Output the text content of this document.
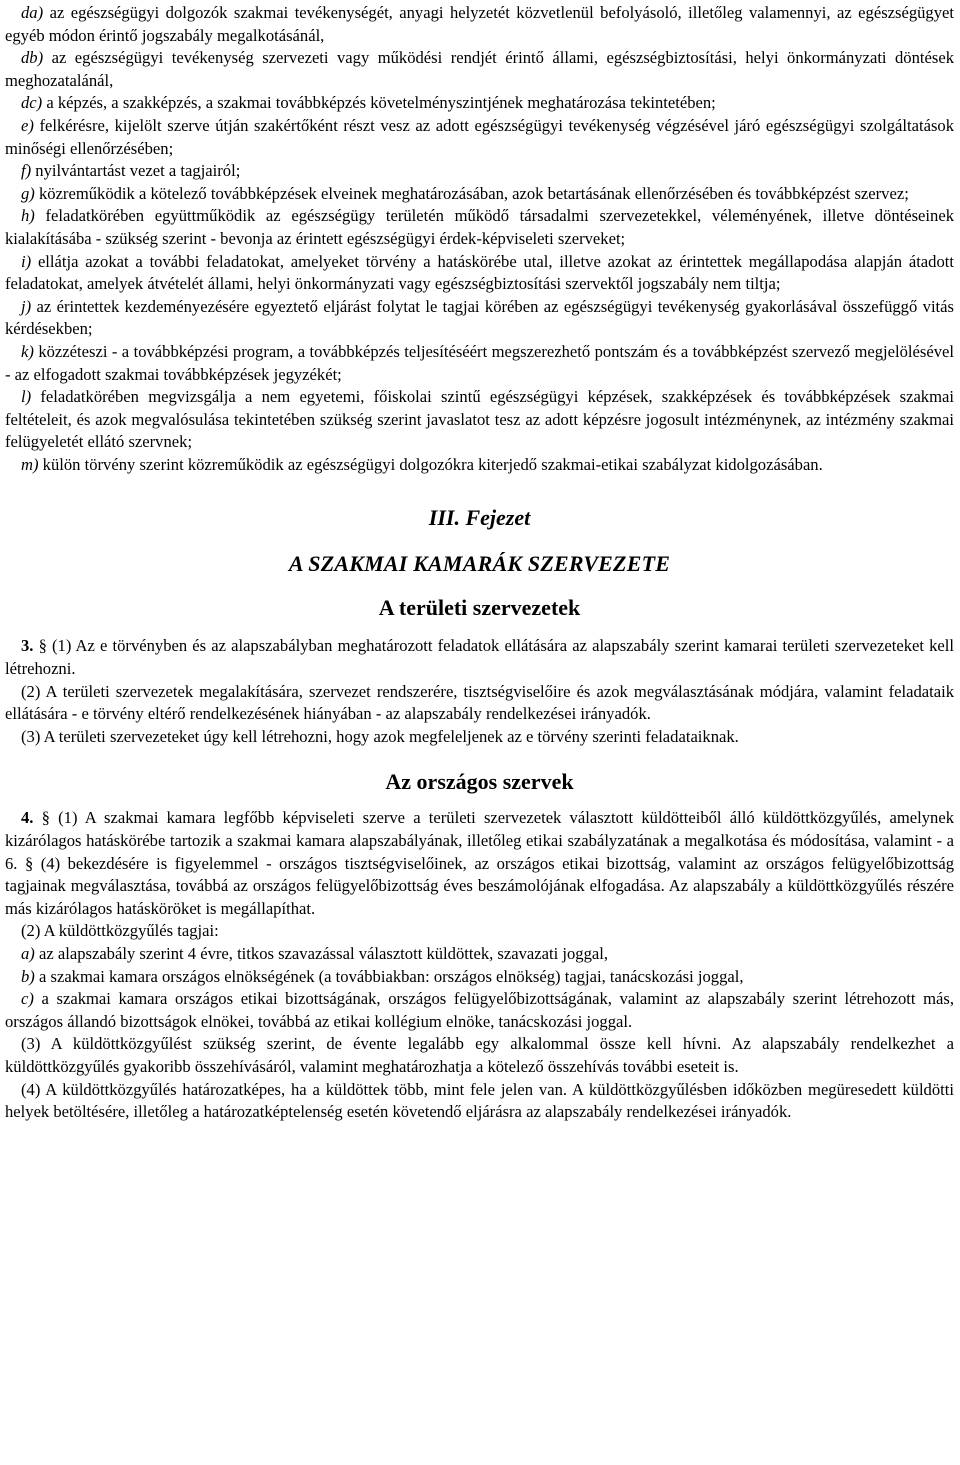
da) az egészségügyi dolgozók szakmai tevékenységét, anyagi helyzetét közvetlenül befolyásoló, illetőleg valamennyi, az egészségügyet egyéb módon érintő jogszabály megalkotásánál,

db) az egészségügyi tevékenység szervezeti vagy működési rendjét érintő állami, egészségbiztosítási, helyi önkormányzati döntések meghozatalánál,

dc) a képzés, a szakképzés, a szakmai továbbképzés követelményszintjének meghatározása tekintetében;

e) felkérésre, kijelölt szerve útján szakértőként részt vesz az adott egészségügyi tevékenység végzésével járó egészségügyi szolgáltatások minőségi ellenőrzésében;

f) nyilvántartást vezet a tagjairól;

g) közreműködik a kötelező továbbképzések elveinek meghatározásában, azok betartásának ellenőrzésében és továbbképzést szervez;

h) feladatkörében együttműködik az egészségügy területén működő társadalmi szervezetekkel, véleményének, illetve döntéseinek kialakításába - szükség szerint - bevonja az érintett egészségügyi érdek-képviseleti szerveket;

i) ellátja azokat a további feladatokat, amelyeket törvény a hatáskörébe utal, illetve azokat az érintettek megállapodása alapján átadott feladatokat, amelyek átvételét állami, helyi önkormányzati vagy egészségbiztosítási szervektől jogszabály nem tiltja;

j) az érintettek kezdeményezésére egyeztető eljárást folytat le tagjai körében az egészségügyi tevékenység gyakorlásával összefüggő vitás kérdésekben;

k) közzéteszi - a továbbképzési program, a továbbképzés teljesítéséért megszerezhető pontszám és a továbbképzést szervező megjelölésével - az elfogadott szakmai továbbképzések jegyzékét;

l) feladatkörében megvizsgálja a nem egyetemi, főiskolai szintű egészségügyi képzések, szakképzések és továbbképzések szakmai feltételeit, és azok megvalósulása tekintetében szükség szerint javaslatot tesz az adott képzésre jogosult intézménynek, az intézmény szakmai felügyeletét ellátó szervnek;

m) külön törvény szerint közreműködik az egészségügyi dolgozókra kiterjedő szakmai-etikai szabályzat kidolgozásában.

III. Fejezet
A SZAKMAI KAMARÁK SZERVEZETE
A területi szervezetek

3. § (1) Az e törvényben és az alapszabályban meghatározott feladatok ellátására az alapszabály szerint kamarai területi szervezeteket kell létrehozni.

(2) A területi szervezetek megalakítására, szervezet rendszerére, tisztségviselőire és azok megválasztásának módjára, valamint feladataik ellátására - e törvény eltérő rendelkezésének hiányában - az alapszabály rendelkezései irányadók.

(3) A területi szervezeteket úgy kell létrehozni, hogy azok megfeleljenek az e törvény szerinti feladataiknak.

Az országos szervek

4. § (1) A szakmai kamara legfőbb képviseleti szerve a területi szervezetek választott küldötteiből álló küldöttközgyűlés, amelynek kizárólagos hatáskörébe tartozik a szakmai kamara alapszabályának, illetőleg etikai szabályzatának a megalkotása és módosítása, valamint - a 6. § (4) bekezdésére is figyelemmel - országos tisztségviselőinek, az országos etikai bizottság, valamint az országos felügyelőbizottság tagjainak megválasztása, továbbá az országos felügyelőbizottság éves beszámolójának elfogadása. Az alapszabály a küldöttközgyűlés részére más kizárólagos hatásköröket is megállapíthat.

(2) A küldöttközgyűlés tagjai:

a) az alapszabály szerint 4 évre, titkos szavazással választott küldöttek, szavazati joggal,

b) a szakmai kamara országos elnökségének (a továbbiakban: országos elnökség) tagjai, tanácskozási joggal,

c) a szakmai kamara országos etikai bizottságának, országos felügyelőbizottságának, valamint az alapszabály szerint létrehozott más, országos állandó bizottságok elnökei, továbbá az etikai kollégium elnöke, tanácskozási joggal.

(3) A küldöttközgyűlést szükség szerint, de évente legalább egy alkalommal össze kell hívni. Az alapszabály rendelkezhet a küldöttközgyűlés gyakoribb összehívásáról, valamint meghatározhatja a kötelező összehívás további eseteit is.

(4) A küldöttközgyűlés határozatképes, ha a küldöttek több, mint fele jelen van. A küldöttközgyűlésben időközben megüresedett küldötti helyek betöltésére, illetőleg a határozatképtelenség esetén követendő eljárásra az alapszabály rendelkezései irányadók.
